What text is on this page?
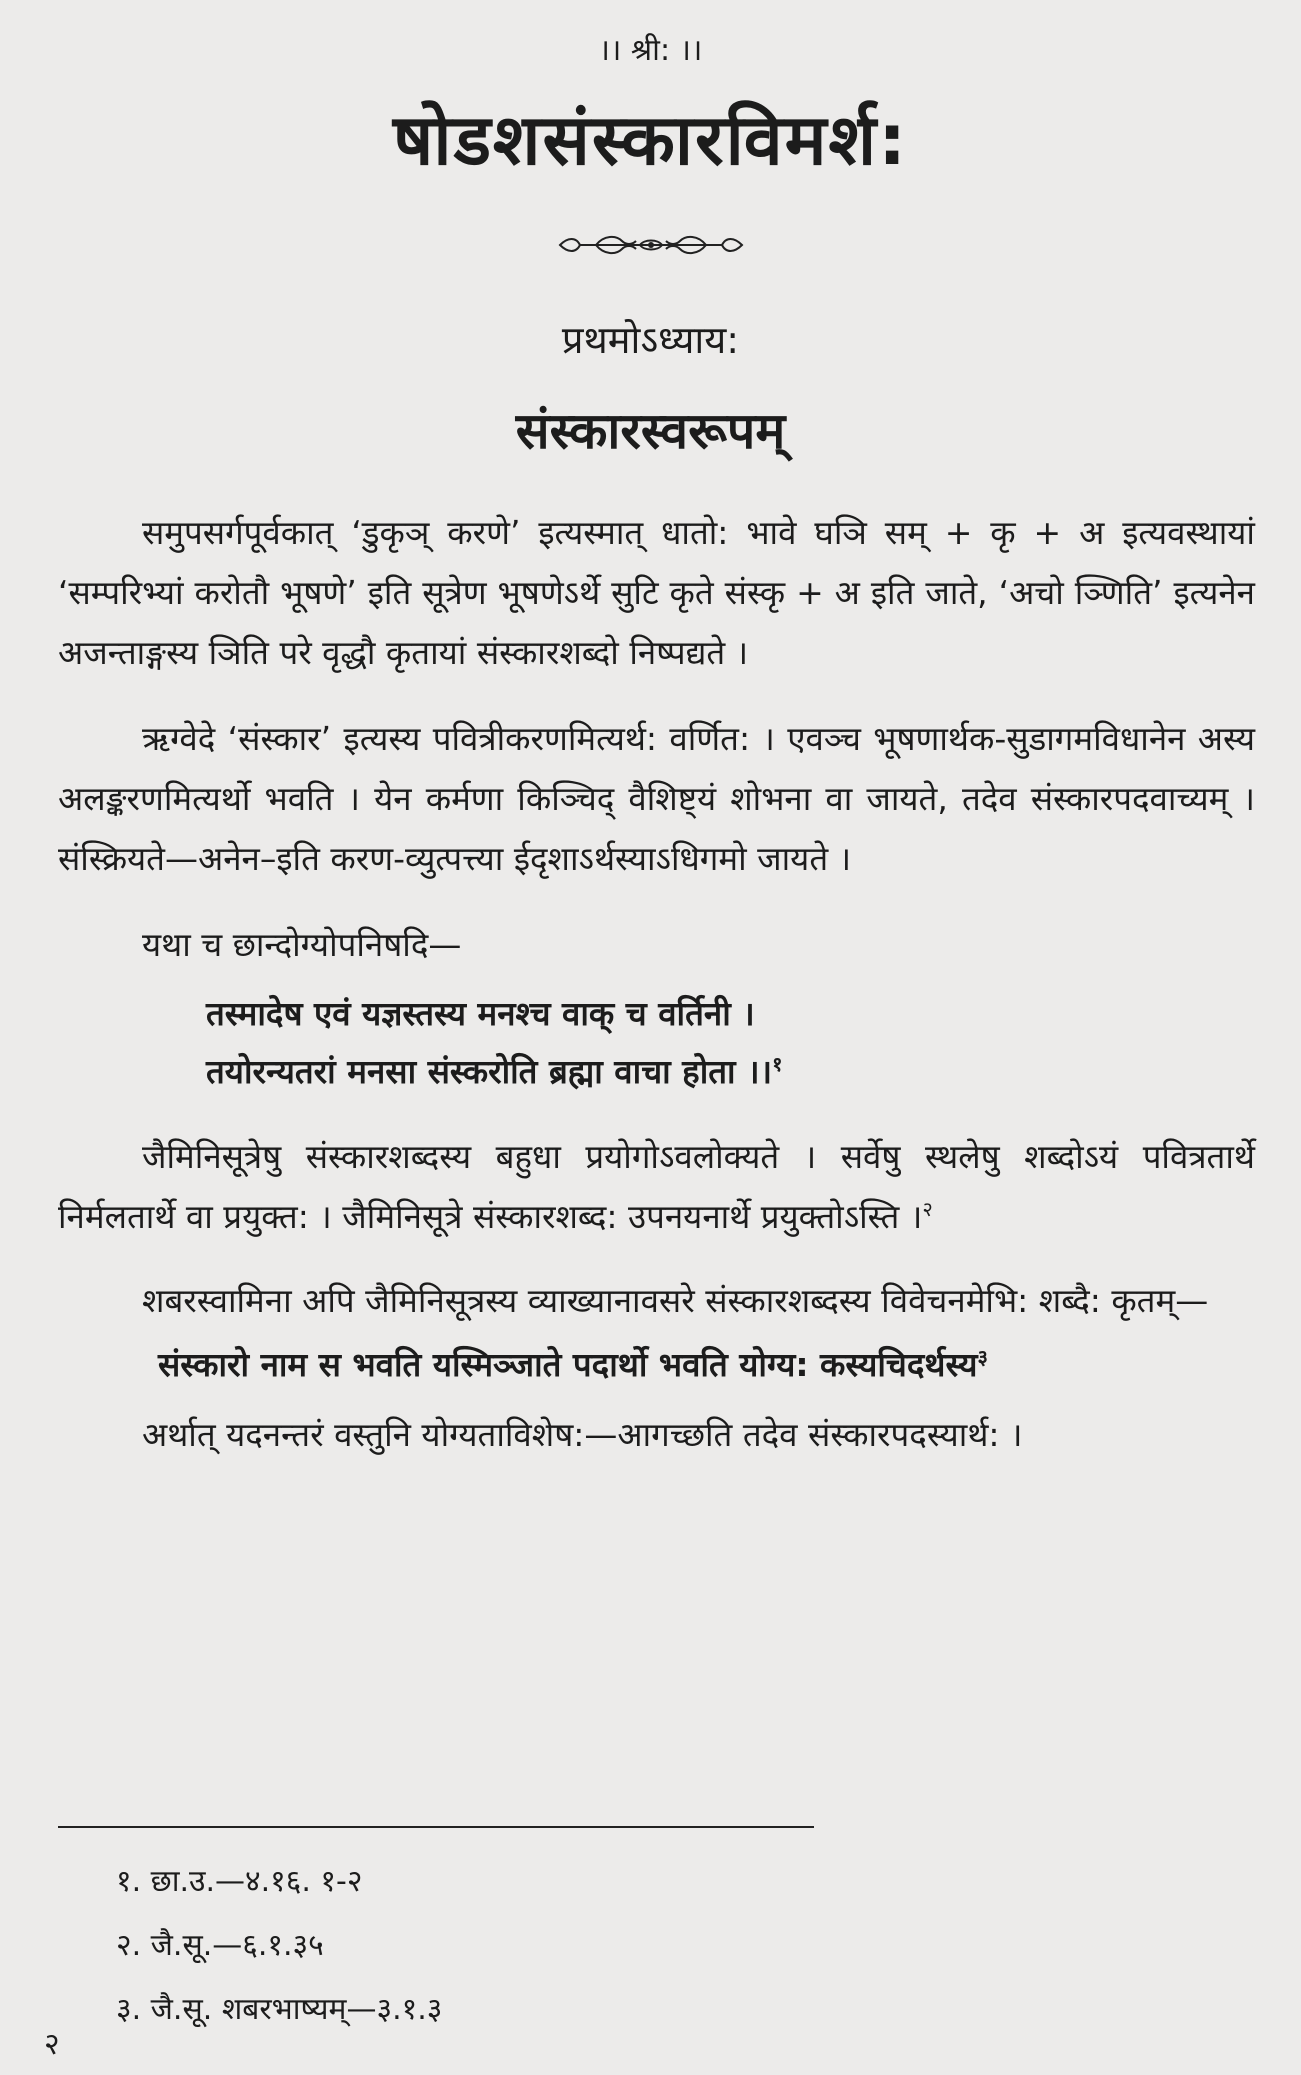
।। श्री: ।।
षोडशसंस्कारविमर्श:
प्रथमोऽध्याय:
संस्कारस्वरूपम्

समुपसर्गपूर्वकात् ‘डुकृञ् करणे’ इत्यस्मात् धातो: भावे घञि सम् + कृ + अ इत्यवस्थायां ‘सम्परिभ्यां करोतौ भूषणे’ इति सूत्रेण भूषणेऽर्थे सुटि कृते संस्कृ + अ इति जाते, ‘अचो ञ्णिति’ इत्यनेन अजन्ताङ्गस्य ञिति परे वृद्धौ कृतायां संस्कारशब्दो निष्पद्यते ।

ऋग्वेदे ‘संस्कार’ इत्यस्य पवित्रीकरणमित्यर्थ: वर्णित: । एवञ्च भूषणार्थक-सुडागमविधानेन अस्य अलङ्करणमित्यर्थो भवति । येन कर्मणा किञ्चिद् वैशिष्ट्यं शोभना वा जायते, तदेव संस्कारपदवाच्यम् । संस्क्रियते—अनेन–इति करण-व्युत्पत्त्या ईदृशाऽर्थस्याऽधिगमो जायते ।

यथा च छान्दोग्योपनिषदि—

तस्मादेष एवं यज्ञस्तस्य मनश्च वाक् च वर्तिनी ।
तयोरन्यतरां मनसा संस्करोति ब्रह्मा वाचा होता ।।$^१$

जैमिनिसूत्रेषु संस्कारशब्दस्य बहुधा प्रयोगोऽवलोक्यते । सर्वेषु स्थलेषु शब्दोऽयं पवित्रतार्थे निर्मलतार्थे वा प्रयुक्त: । जैमिनिसूत्रे संस्कारशब्द: उपनयनार्थे प्रयुक्तोऽस्ति ।$^२$

शबरस्वामिना अपि जैमिनिसूत्रस्य व्याख्यानावसरे संस्कारशब्दस्य विवेचनमेभि: शब्दै: कृतम्—

संस्कारो नाम स भवति यस्मिञ्जाते पदार्थो भवति योग्य: कस्यचिदर्थस्य$^३$

अर्थात् यदनन्तरं वस्तुनि योग्यताविशेष:—आगच्छति तदेव संस्कारपदस्यार्थ: ।

१. छा.उ.—४.१६. १-२
२. जै.सू.—६.१.३५
३. जै.सू. शबरभाष्यम्—३.१.३
२
